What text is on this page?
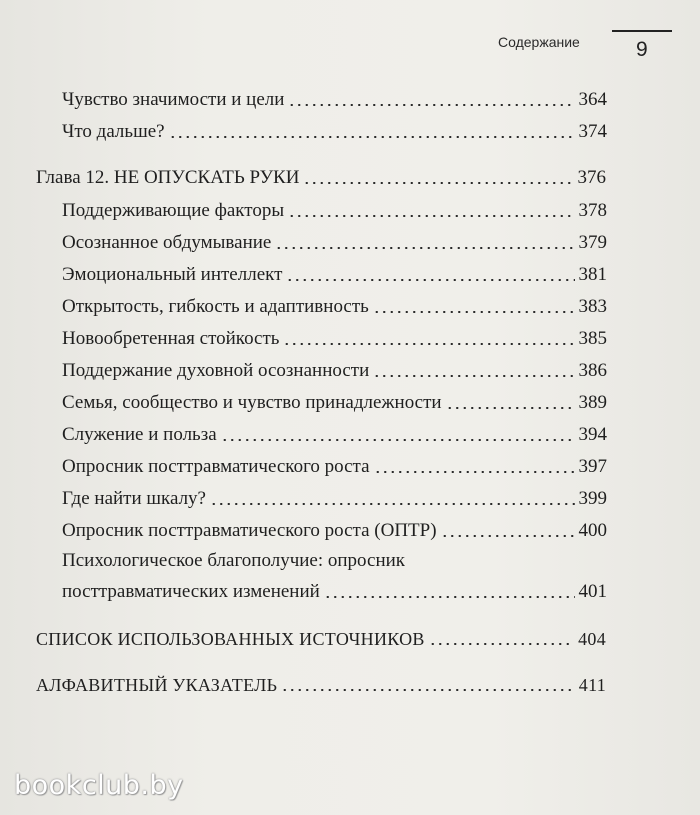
Содержание	9
Чувство значимости и цели	364
Что дальше?	374
Глава 12. НЕ ОПУСКАТЬ РУКИ	376
Поддерживающие факторы	378
Осознанное обдумывание	379
Эмоциональный интеллект	381
Открытость, гибкость и адаптивность	383
Новообретенная стойкость	385
Поддержание духовной осознанности	386
Семья, сообщество и чувство принадлежности	389
Служение и польза	394
Опросник посттравматического роста	397
Где найти шкалу?	399
Опросник посттравматического роста (ОПТР)	400
Психологическое благополучие: опросник
посттравматических изменений	401
СПИСОК ИСПОЛЬЗОВАННЫХ ИСТОЧНИКОВ	404
АЛФАВИТНЫЙ УКАЗАТЕЛЬ	411
bookclub.by
